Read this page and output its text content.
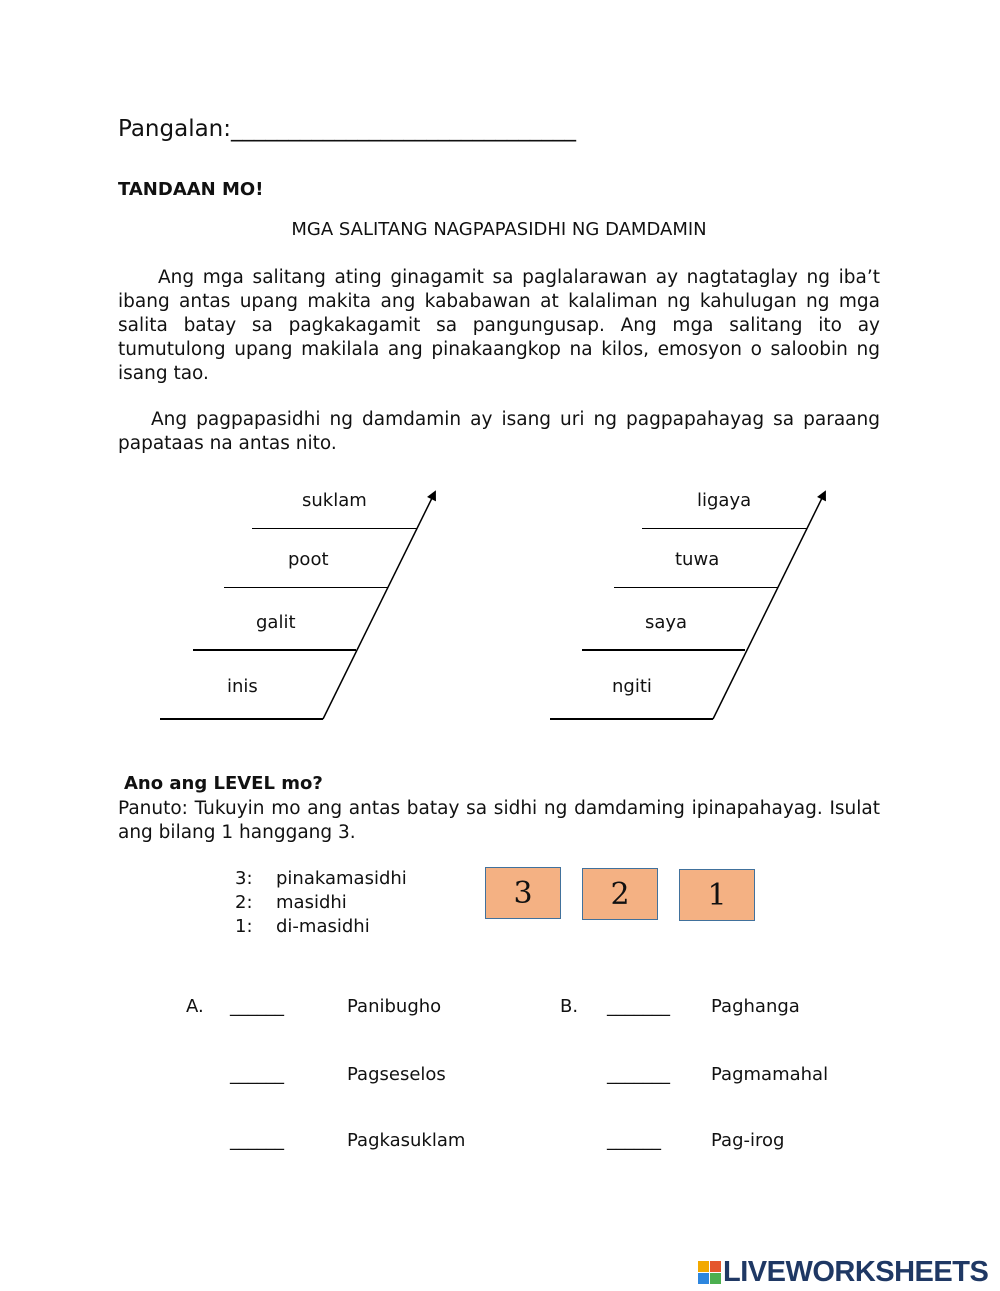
Pangalan:______________________________
TANDAAN MO!
MGA SALITANG NAGPAPASIDHI NG DAMDAMIN
Ang mga salitang ating ginagamit sa paglalarawan ay nagtataglay ng iba’t ibang antas upang makita ang kababawan at kalaliman ng kahulugan ng mga salita batay sa pagkakagamit sa pangungusap. Ang mga salitang ito ay tumutulong upang makilala ang pinakaangkop na kilos, emosyon o saloobin ng isang tao.
Ang pagpapasidhi ng damdamin ay isang uri ng pagpapahayag sa paraang papataas na antas nito.
suklam
poot
galit
inis
ligaya
tuwa
saya
ngiti
Ano ang LEVEL mo?
Panuto: Tukuyin mo ang antas batay sa sidhi ng damdaming ipinapahayag. Isulat ang bilang 1 hanggang 3.
3: pinakamasidhi
2: masidhi
1: di-masidhi
3	2	1
A. ______	Panibugho
______	Pagseselos
______	Pagkasuklam
B. _______ Paghanga
_______ Pagmamahal
______	Pag-irog
LIVEWORKSHEETS
